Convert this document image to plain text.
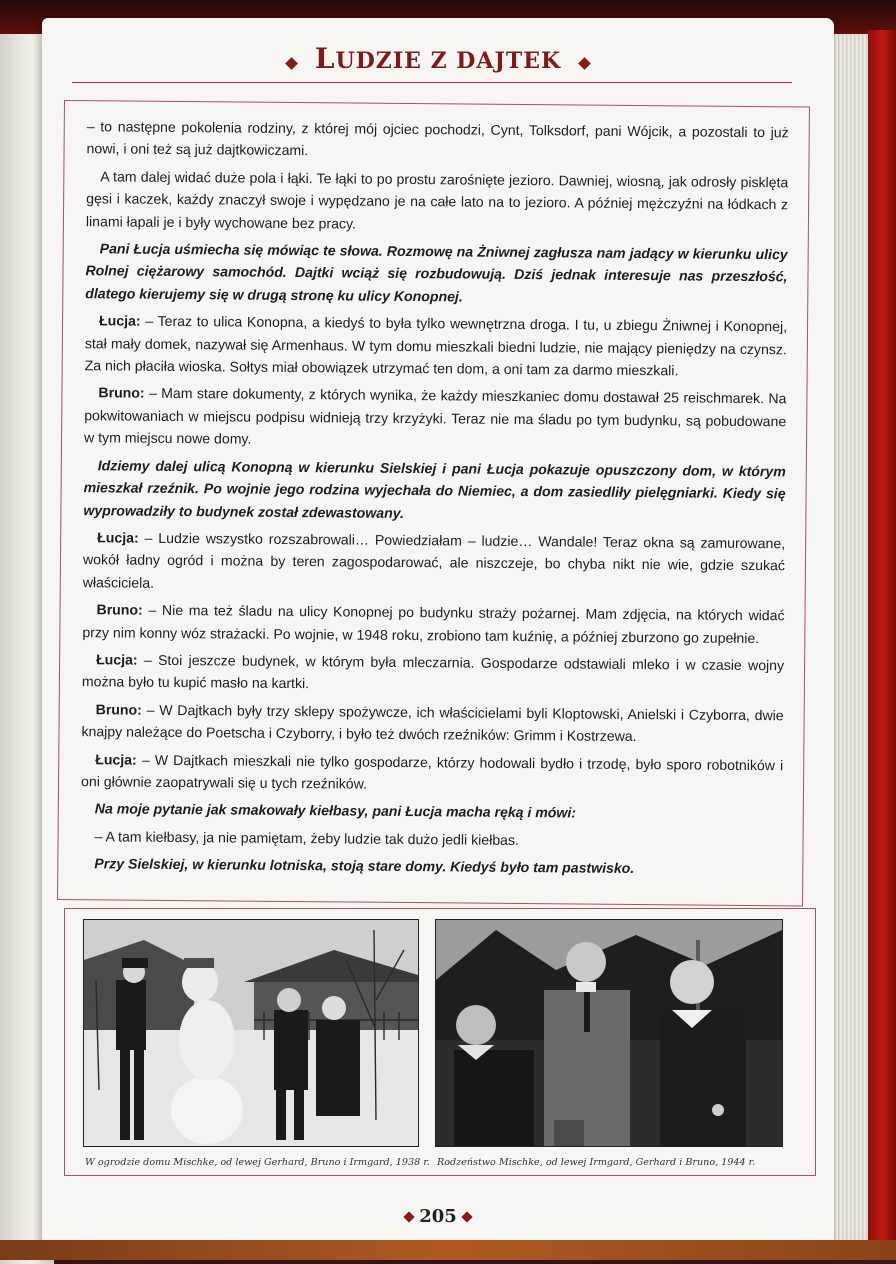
LUDZIE Z DAJTEK

– to następne pokolenia rodziny, z której mój ojciec pochodzi, Cynt, Tolksdorf, pani Wójcik, a pozostali to już nowi, i oni też są już dajtkowiczami.

A tam dalej widać duże pola i łąki. Te łąki to po prostu zarośnięte jezioro. Dawniej, wiosną, jak odrosły pisklęta gęsi i kaczek, każdy znaczył swoje i wypędzano je na całe lato na to jezioro. A później mężczyźni na łódkach z linami łapali je i były wychowane bez pracy.

Pani Łucja uśmiecha się mówiąc te słowa. Rozmowę na Żniwnej zagłusza nam jadący w kierunku ulicy Rolnej ciężarowy samochód. Dajtki wciąż się rozbudowują. Dziś jednak interesuje nas przeszłość, dlatego kierujemy się w drugą stronę ku ulicy Konopnej.

Łucja: – Teraz to ulica Konopna, a kiedyś to była tylko wewnętrzna droga. I tu, u zbiegu Żniwnej i Konopnej, stał mały domek, nazywał się Armenhaus. W tym domu mieszkali biedni ludzie, nie mający pieniędzy na czynsz. Za nich płaciła wioska. Sołtys miał obowiązek utrzymać ten dom, a oni tam za darmo mieszkali.

Bruno: – Mam stare dokumenty, z których wynika, że każdy mieszkaniec domu dostawał 25 reischmarek. Na pokwitowaniach w miejscu podpisu widnieją trzy krzyżyki. Teraz nie ma śladu po tym budynku, są pobudowane w tym miejscu nowe domy.

Idziemy dalej ulicą Konopną w kierunku Sielskiej i pani Łucja pokazuje opuszczony dom, w którym mieszkał rzeźnik. Po wojnie jego rodzina wyjechała do Niemiec, a dom zasiedliły pielęgniarki. Kiedy się wyprowadziły to budynek został zdewastowany.

Łucja: – Ludzie wszystko rozszabrowali… Powiedziałam – ludzie… Wandale! Teraz okna są zamurowane, wokół ładny ogród i można by teren zagospodarować, ale niszczeje, bo chyba nikt nie wie, gdzie szukać właściciela.

Bruno: – Nie ma też śladu na ulicy Konopnej po budynku straży pożarnej. Mam zdjęcia, na których widać przy nim konny wóz strażacki. Po wojnie, w 1948 roku, zrobiono tam kuźnię, a później zburzono go zupełnie.

Łucja: – Stoi jeszcze budynek, w którym była mleczarnia. Gospodarze odstawiali mleko i w czasie wojny można było tu kupić masło na kartki.

Bruno: – W Dajtkach były trzy sklepy spożywcze, ich właścicielami byli Kloptowski, Anielski i Czyborra, dwie knajpy należące do Poetscha i Czyborry, i było też dwóch rzeźników: Grimm i Kostrzewa.

Łucja: – W Dajtkach mieszkali nie tylko gospodarze, którzy hodowali bydło i trzodę, było sporo robotników i oni głównie zaopatrywali się u tych rzeźników.

Na moje pytanie jak smakowały kiełbasy, pani Łucja macha ręką i mówi:

– A tam kiełbasy, ja nie pamiętam, żeby ludzie tak dużo jedli kiełbas.

Przy Sielskiej, w kierunku lotniska, stoją stare domy. Kiedyś było tam pastwisko.

W ogrodzie domu Mischke, od lewej Gerhard, Bruno i Irmgard, 1938 r. Rodzeństwo Mischke, od lewej Irmgard, Gerhard i Bruno, 1944 r.
205
